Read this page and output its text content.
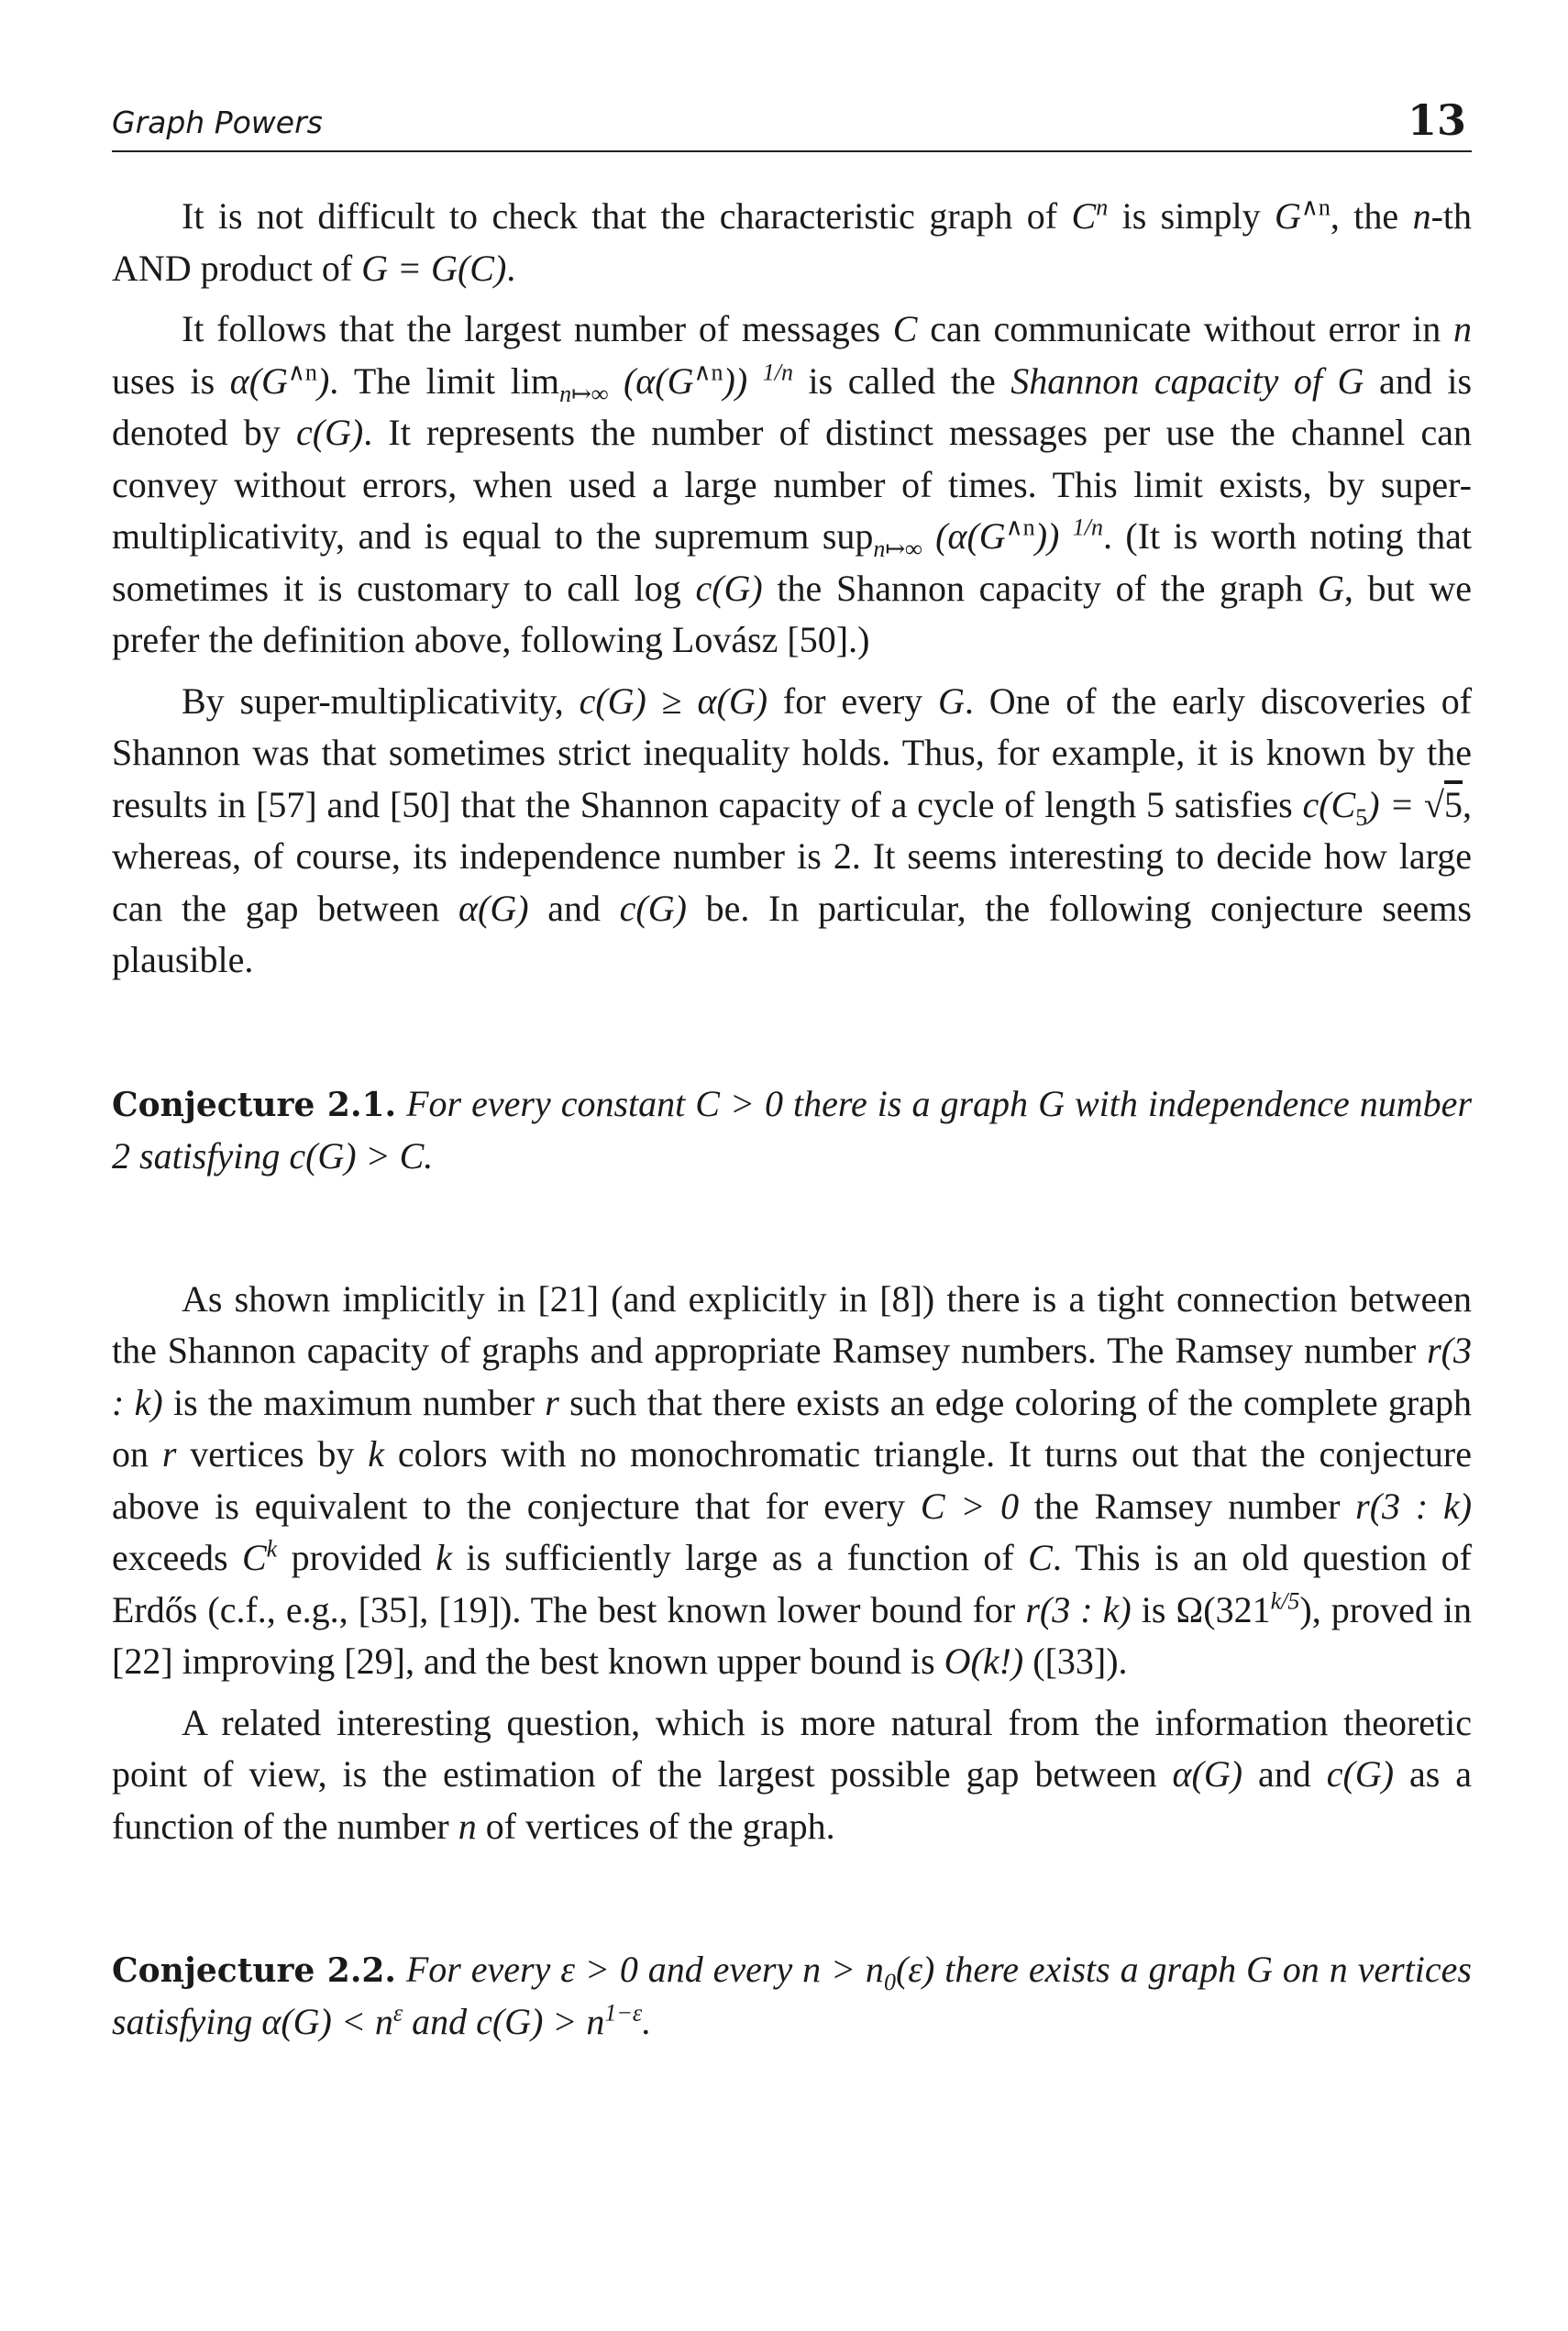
Graph Powers	13

It is not difficult to check that the characteristic graph of $C^n$ is simply $G^{\wedge n}$, the n-th AND product of G = G(C).

It follows that the largest number of messages C can communicate without error in n uses is $\alpha(G^{\wedge n})$. The limit $\lim_{n↦\infty} (\alpha(G^{\wedge n}))$ $^{1/n}$ is called the Shannon capacity of G and is denoted by c(G). It represents the number of distinct messages per use the channel can convey without errors, when used a large number of times. This limit exists, by super-multiplicativity, and is equal to the supremum sup$_{n↦\infty}$ $(\alpha(G^{\wedge n}))$ $^{1/n}$. (It is worth noting that sometimes it is customary to call log c(G) the Shannon capacity of the graph G, but we prefer the definition above, following Lovász [50].)

By super-multiplicativity, c(G) ≥ α(G) for every G. One of the early discoveries of Shannon was that sometimes strict inequality holds. Thus, for example, it is known by the results in [57] and [50] that the Shannon capacity of a cycle of length 5 satisfies $c(C_5) = √5$, whereas, of course, its independence number is 2. It seems interesting to decide how large can the gap between α(G) and c(G) be. In particular, the following conjecture seems plausible.

Conjecture 2.1. For every constant C > 0 there is a graph G with independence number 2 satisfying c(G) > C.

As shown implicitly in [21] (and explicitly in [8]) there is a tight connection between the Shannon capacity of graphs and appropriate Ramsey numbers. The Ramsey number r(3 : k) is the maximum number r such that there exists an edge coloring of the complete graph on r vertices by k colors with no monochromatic triangle. It turns out that the conjecture above is equivalent to the conjecture that for every C > 0 the Ramsey number r(3 : k) exceeds $C^k$ provided k is sufficiently large as a function of C. This is an old question of Erdős (c.f., e.g., [35], [19]). The best known lower bound for r(3 : k) is $\Omega(321^{k/5})$, proved in [22] improving [29], and the best known upper bound is O(k!) ([33]).

A related interesting question, which is more natural from the information theoretic point of view, is the estimation of the largest possible gap between α(G) and c(G) as a function of the number n of vertices of the graph.

Conjecture 2.2. For every ε > 0 and every $n > n_0(\varepsilon)$ there exists a graph G on n vertices satisfying $\alpha(G) < n^\varepsilon$ and $c(G) > n^{1-\varepsilon}$.
